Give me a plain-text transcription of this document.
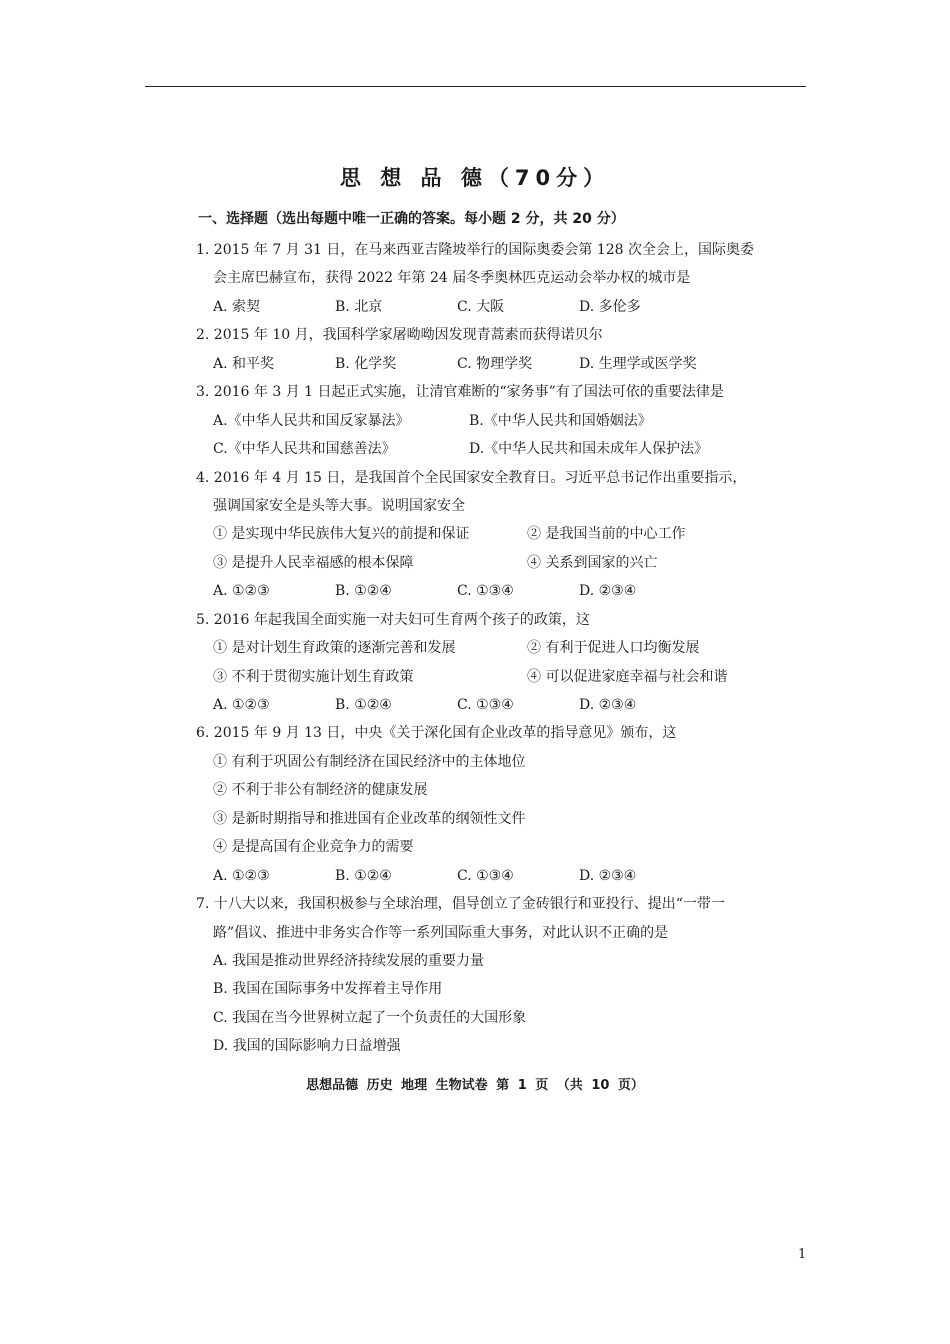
思 想 品 德（70分）
一、选择题（选出每题中唯一正确的答案。每小题 2 分，共 20 分）
1. 2015 年 7 月 31 日，在马来西亚吉隆坡举行的国际奥委会第 128 次全会上，国际奥委
会主席巴赫宣布，获得 2022 年第 24 届冬季奥林匹克运动会举办权的城市是
A. 索契	B. 北京	C. 大阪	D. 多伦多
2. 2015 年 10 月，我国科学家屠呦呦因发现青蒿素而获得诺贝尔
A. 和平奖	B. 化学奖	C. 物理学奖	D. 生理学或医学奖
3. 2016 年 3 月 1 日起正式实施，让清官难断的“家务事”有了国法可依的重要法律是
A.《中华人民共和国反家暴法》	B.《中华人民共和国婚姻法》
C.《中华人民共和国慈善法》	D.《中华人民共和国未成年人保护法》
4. 2016 年 4 月 15 日，是我国首个全民国家安全教育日。习近平总书记作出重要指示，
强调国家安全是头等大事。说明国家安全
① 是实现中华民族伟大复兴的前提和保证	② 是我国当前的中心工作
③ 是提升人民幸福感的根本保障	④ 关系到国家的兴亡
A. ①②③	B. ①②④	C. ①③④	D. ②③④
5. 2016 年起我国全面实施一对夫妇可生育两个孩子的政策，这
① 是对计划生育政策的逐渐完善和发展	② 有利于促进人口均衡发展
③ 不利于贯彻实施计划生育政策	④ 可以促进家庭幸福与社会和谐
A. ①②③	B. ①②④	C. ①③④	D. ②③④
6. 2015 年 9 月 13 日，中央《关于深化国有企业改革的指导意见》颁布，这
① 有利于巩固公有制经济在国民经济中的主体地位
② 不利于非公有制经济的健康发展
③ 是新时期指导和推进国有企业改革的纲领性文件
④ 是提高国有企业竞争力的需要
A. ①②③	B. ①②④	C. ①③④	D. ②③④
7. 十八大以来，我国积极参与全球治理，倡导创立了金砖银行和亚投行、提出“一带一
路”倡议、推进中非务实合作等一系列国际重大事务，对此认识不正确的是
A. 我国是推动世界经济持续发展的重要力量
B. 我国在国际事务中发挥着主导作用
C. 我国在当今世界树立起了一个负责任的大国形象
D. 我国的国际影响力日益增强
思想品德 历史 地理 生物试卷 第 1 页 （共 10 页）
1
